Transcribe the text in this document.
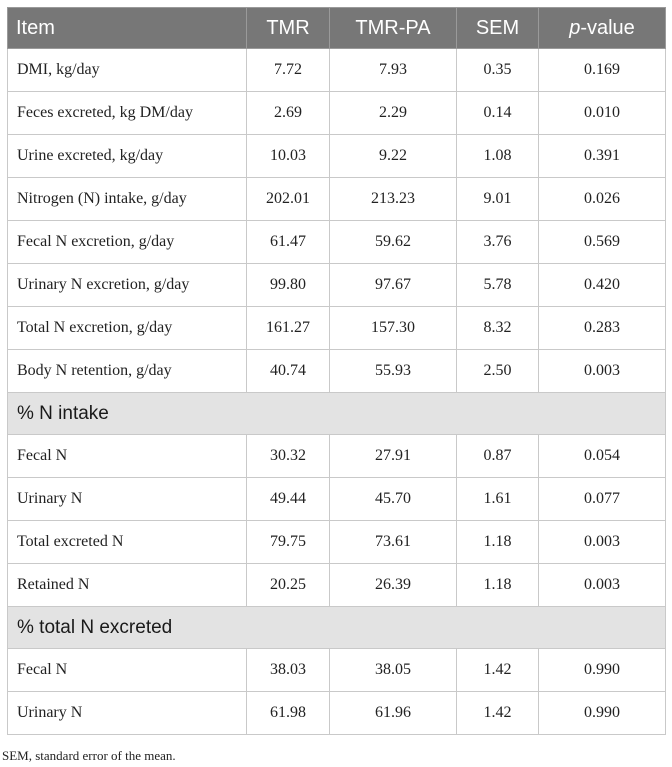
Item	TMR	TMR-PA	SEM	p-value
DMI, kg/day	7.72	7.93	0.35	0.169
Feces excreted, kg DM/day	2.69	2.29	0.14	0.010
Urine excreted, kg/day	10.03	9.22	1.08	0.391
Nitrogen (N) intake, g/day	202.01	213.23	9.01	0.026
Fecal N excretion, g/day	61.47	59.62	3.76	0.569
Urinary N excretion, g/day	99.80	97.67	5.78	0.420
Total N excretion, g/day	161.27	157.30	8.32	0.283
Body N retention, g/day	40.74	55.93	2.50	0.003
% N intake				
Fecal N	30.32	27.91	0.87	0.054
Urinary N	49.44	45.70	1.61	0.077
Total excreted N	79.75	73.61	1.18	0.003
Retained N	20.25	26.39	1.18	0.003
% total N excreted				
Fecal N	38.03	38.05	1.42	0.990
Urinary N	61.98	61.96	1.42	0.990
SEM, standard error of the mean.
